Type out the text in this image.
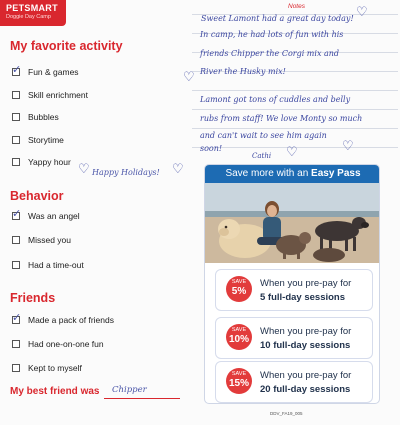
PETSMART
Doggie Day Camp
My favorite activity
✓ Fun & games
Skill enrichment
Bubbles
Storytime
Yappy hour ♡ Happy Holidays! ♡
Behavior
✓ Was an angel
Missed you
Had a time-out
Friends
✓ Made a pack of friends
Had one-on-one fun
Kept to myself
My best friend was Chipper
Notes
Sweet Lamont had a great day today!
In camp, he had lots of fun with his
friends Chipper the Corgi mix and
River the Husky mix!
Lamont got tons of cuddles and belly
rubs from staff! We love Monty so much
and can't wait to see him again
soon!
Cathi
♡
♡
♡
♡
Save more with an Easy Pass
SAVE
5%
When you pre-pay for
5 full-day sessions
SAVE
10%
When you pre-pay for
10 full-day sessions
SAVE
15%
When you pre-pay for
20 full-day sessions
DDV_FA19_005
